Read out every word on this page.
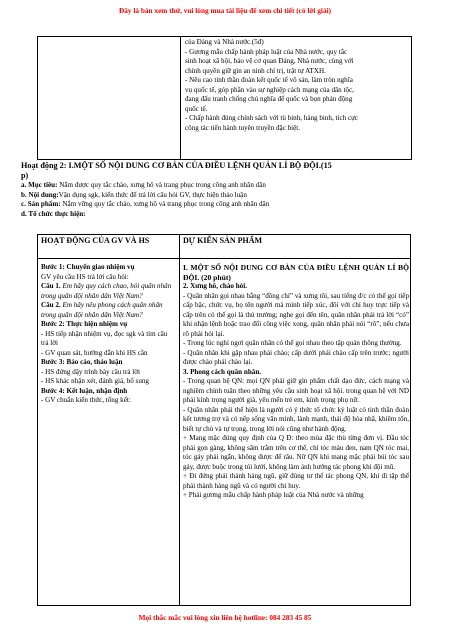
Đây là bản xem thử, vui lòng mua tài liệu để xem chi tiết (có lời giải)

của Đảng và Nhà nước.(5đ)

- Gương mẫu chấp hành pháp luật của Nhà nước, quy tắc

sinh hoạt xã hội, bảo vệ cơ quan Đảng, Nhà nước, cùng với

chính quyền giữ gìn an ninh chí trị, trật tự ATXH.

- Nêu cao tinh thần đoàn kết quốc tế vô sản, làm tròn nghĩa

vụ quốc tế, góp phần vào sự nghiệp cách mạng của dân tộc,

đang đấu tranh chống chủ nghĩa đế quốc và bọn phản động

quốc tế.

- Chấp hành đúng chính sách với tù binh, hàng binh, tích cực

công tác tiến hành tuyên truyền đặc biệt.

Hoạt động 2: I.MỘT SỐ NỘI DUNG CƠ BẢN CỦA ĐIỀU LỆNH QUẢN LÍ BỘ ĐỘI.(15

p)

a. Mục tiêu: Nắm được quy tắc chào, xưng hô và trang phục trong công anh nhân dân

b. Nội dung:Vận dụng sgk, kiến thức để trả lời câu hỏi GV, thực hiện thảo luận

c. Sản phẩm: Nắm vững quy tắc chào, xưng hô và trang phục trong công anh nhân dân

d. Tổ chức thực hiện:

HOẠT ĐỘNG CỦA GV VÀ HS	DỰ KIẾN SẢN PHẨM

Bước 1: Chuyển giao nhiệm vụ

GV yêu cầu HS trả lời câu hỏi:

Câu 1. Em hãy quy cách chao, hỏi quân nhân trong quân đội nhân dân Việt Nam?

Câu 2. Em hãy nêu phong cách quân nhân trong quân đội nhân dân Việt Nam?

Bước 2: Thực hiện nhiệm vụ

- HS tiếp nhận nhiệm vụ, đọc sgk và tìm câu trả lời

- GV quan sát, hướng dẫn khi HS cần

Bước 3: Báo cáo, thảo luận

- HS đứng dậy trình bày câu trả lời

- HS khác nhận xét, đánh giá, bổ sung

Bước 4: Kết luận, nhận định

- GV chuẩn kiến thức, tổng kết:

I. MỘT SỐ NỘI DUNG CƠ BẢN CỦA ĐIỀU LỆNH QUẢN LÍ BỘ ĐỘI. (20 phút)

2. Xưng hô, chào hỏi.

- Quân nhân gọi nhau bằng “đồng chí” và xưng tôi, sau tiếng đ/c có thể gọi tiếp cấp bậc, chức vụ, họ tên người mà mình tiếp xúc, đôi với chỉ huy trực tiếp và cấp trên có thể gọi là thủ trưởng; nghe gọi đến tên, quân nhân phải trả lời “có” khi nhận lệnh hoặc trao đổi công việc xong, quân nhân phải nói “rõ”, nếu chưa rõ phải hỏi lại.

- Trong lúc nghỉ ngơi quân nhân có thể gọi nhau theo tập quán thông thường.

- Quân nhân khi gặp nhau phải chào; cấp dưới phải chào cấp trên trước; người được chào phải chào lại.

3. Phong cách quân nhân.

- Trong quan hệ QN: mọi QN phải giữ gìn phẩm chất đạo đức, cách mạng và nghiêm chỉnh tuân theo những yêu cầu sinh hoạt xã hội. trong quan hệ với ND phải kính trọng người già, yêu mến trẻ em, kính trọng phụ nữ.

- Quân nhân phải thể hiện là người có ý thức tổ chức kỷ luật có tinh thần đoàn kết tương trợ và có nếp sống văn minh, lành mạnh, thái độ hòa nhã, khiêm tốn, biết tự chủ và tự trọng, trong lời nói cũng như hành động.

+ Mang mặc đúng quy định của Q Đ: theo mùa đặc thù từng đơn vị. Đầu tóc phải gọn gàng, không săm trắm trên cơ thể, chỉ tóc màu đen, nam QN tóc mai, tóc gáy phải ngắn, không được để râu. Nữ QN khi mang mặc phải búi tóc sau gáy, được buộc trong túi lưới, không làm ảnh hưởng tác phong khi đội mũ.

+ Đi đứng phải thành hàng ngũ, giữ đúng tư thế tác phong QN, khi đi tập thể phải thành hàng ngũ và có người chỉ huy.

+ Phải gương mẫu chấp hành pháp luật của Nhà nước và những

Mọi thắc mắc vui lòng xin liên hệ hotline: 084 283 45 85
